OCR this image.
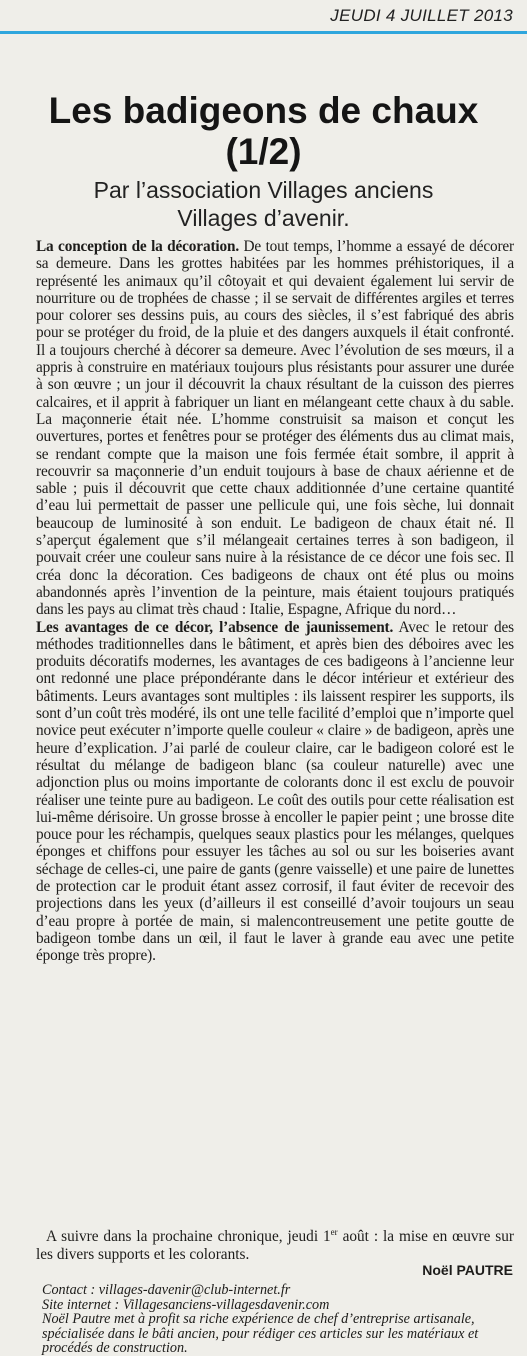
JEUDI 4 JUILLET 2013
Les badigeons de chaux
(1/2)
Par l’association Villages anciens
Villages d’avenir.

La conception de la décoration. De tout temps, l’homme a essayé de décorer sa demeure. Dans les grottes habitées par les hommes préhistoriques, il a représenté les animaux qu’il côtoyait et qui devaient également lui servir de nourriture ou de trophées de chasse ; il se servait de différentes argiles et terres pour colorer ses dessins puis, au cours des siècles, il s’est fabriqué des abris pour se protéger du froid, de la pluie et des dangers auxquels il était confronté. Il a toujours cherché à décorer sa demeure. Avec l’évolution de ses mœurs, il a appris à construire en matériaux toujours plus résistants pour assurer une durée à son œuvre ; un jour il découvrit la chaux résultant de la cuisson des pierres calcaires, et il apprit à fabriquer un liant en mélangeant cette chaux à du sable. La maçonnerie était née. L’homme construisit sa maison et conçut les ouvertures, portes et fenêtres pour se protéger des éléments dus au climat mais, se rendant compte que la maison une fois fermée était sombre, il apprit à recouvrir sa maçonnerie d’un enduit toujours à base de chaux aérienne et de sable ; puis il découvrit que cette chaux additionnée d’une certaine quantité d’eau lui permettait de passer une pellicule qui, une fois sèche, lui donnait beaucoup de luminosité à son enduit. Le badigeon de chaux était né. Il s’aperçut également que s’il mélangeait certaines terres à son badigeon, il pouvait créer une couleur sans nuire à la résistance de ce décor une fois sec. Il créa donc la décoration. Ces badigeons de chaux ont été plus ou moins abandonnés après l’invention de la peinture, mais étaient toujours pratiqués dans les pays au climat très chaud : Italie, Espagne, Afrique du nord…

Les avantages de ce décor, l’absence de jaunissement. Avec le retour des méthodes traditionnelles dans le bâtiment, et après bien des déboires avec les produits décoratifs modernes, les avantages de ces badigeons à l’ancienne leur ont redonné une place prépondérante dans le décor intérieur et extérieur des bâtiments. Leurs avantages sont multiples : ils laissent respirer les supports, ils sont d’un coût très modéré, ils ont une telle facilité d’emploi que n’importe quel novice peut exécuter n’importe quelle couleur « claire » de badigeon, après une heure d’explication. J’ai parlé de couleur claire, car le badigeon coloré est le résultat du mélange de badigeon blanc (sa couleur naturelle) avec une adjonction plus ou moins importante de colorants donc il est exclu de pouvoir réaliser une teinte pure au badigeon. Le coût des outils pour cette réalisation est lui-même dérisoire. Un grosse brosse à encoller le papier peint ; une brosse dite pouce pour les réchampis, quelques seaux plastics pour les mélanges, quelques éponges et chiffons pour essuyer les tâches au sol ou sur les boiseries avant séchage de celles-ci, une paire de gants (genre vaisselle) et une paire de lunettes de protection car le produit étant assez corrosif, il faut éviter de recevoir des projections dans les yeux (d’ailleurs il est conseillé d’avoir toujours un seau d’eau propre à portée de main, si malencontreusement une petite goutte de badigeon tombe dans un œil, il faut le laver à grande eau avec une petite éponge très propre).

A suivre dans la prochaine chronique, jeudi 1er août : la mise en œuvre sur les divers supports et les colorants.
Noël PAUTRE
Contact : villages-davenir@club-internet.fr
Site internet : Villagesanciens-villagesdavenir.com
Noël Pautre met à profit sa riche expérience de chef d’entreprise artisanale, spécialisée dans le bâti ancien, pour rédiger ces articles sur les matériaux et procédés de construction.
